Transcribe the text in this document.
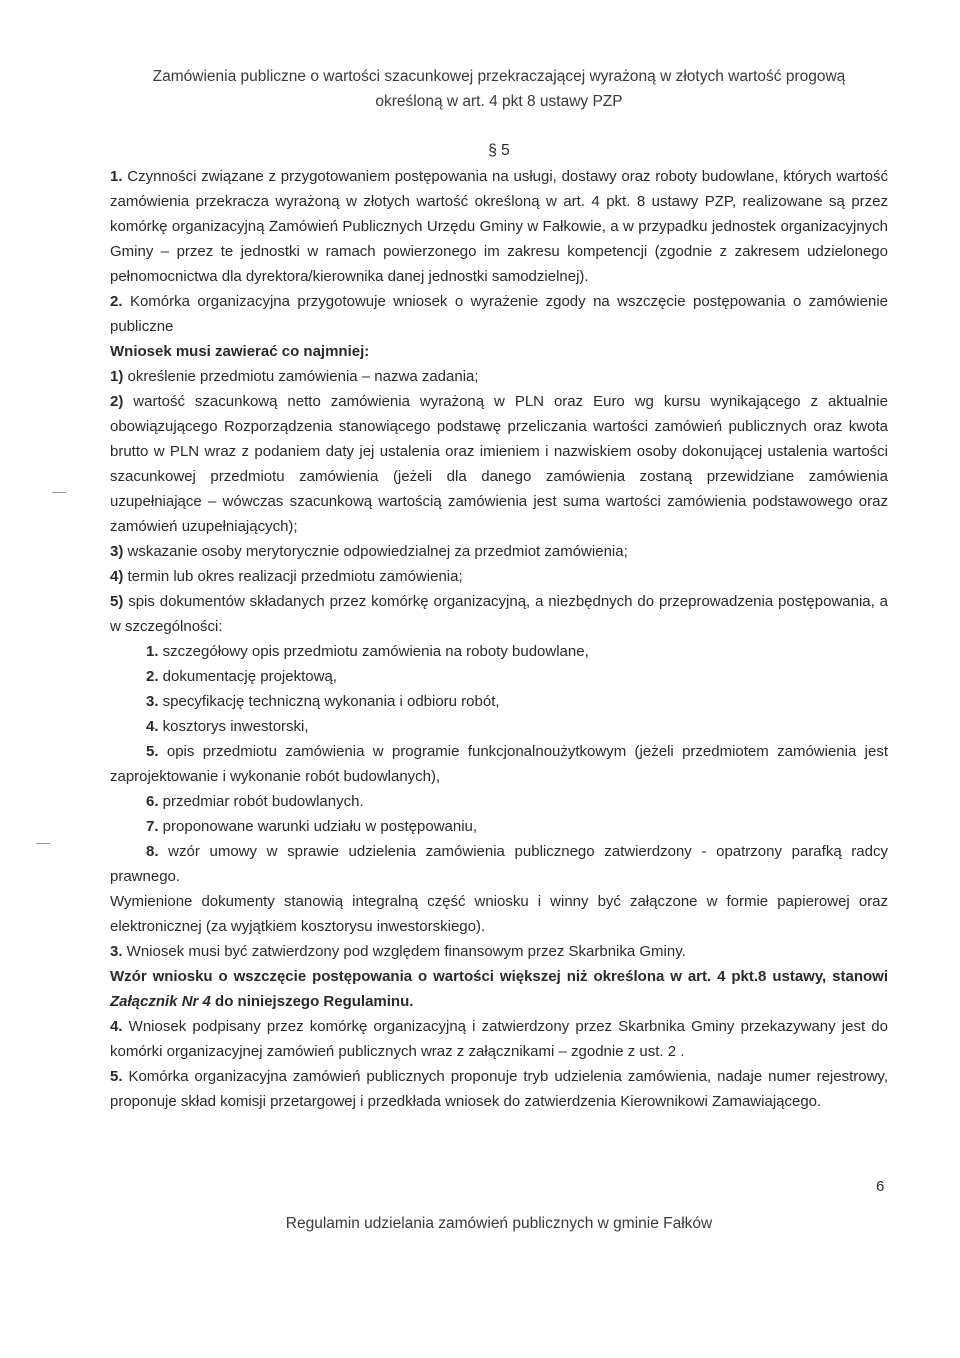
Zamówienia publiczne o wartości szacunkowej przekraczającej wyrażoną w złotych wartość progową
określoną w art. 4 pkt 8 ustawy PZP
§ 5

1. Czynności związane z przygotowaniem postępowania na usługi, dostawy oraz roboty budowlane, których wartość zamówienia przekracza wyrażoną w złotych wartość określoną w art. 4 pkt. 8 ustawy PZP, realizowane są przez komórkę organizacyjną Zamówień Publicznych Urzędu Gminy w Fałkowie, a w przypadku jednostek organizacyjnych Gminy – przez te jednostki w ramach powierzonego im zakresu kompetencji (zgodnie z zakresem udzielonego pełnomocnictwa dla dyrektora/kierownika danej jednostki samodzielnej).

2. Komórka organizacyjna przygotowuje wniosek o wyrażenie zgody na wszczęcie postępowania o zamówienie publiczne

Wniosek musi zawierać co najmniej:

1) określenie przedmiotu zamówienia – nazwa zadania;

2) wartość szacunkową netto zamówienia wyrażoną w PLN oraz Euro wg kursu wynikającego z aktualnie obowiązującego Rozporządzenia stanowiącego podstawę przeliczania wartości zamówień publicznych oraz kwota brutto w PLN wraz z podaniem daty jej ustalenia oraz imieniem i nazwiskiem osoby dokonującej ustalenia wartości szacunkowej przedmiotu zamówienia (jeżeli dla danego zamówienia zostaną przewidziane zamówienia uzupełniające – wówczas szacunkową wartością zamówienia jest suma wartości zamówienia podstawowego oraz zamówień uzupełniających);

3) wskazanie osoby merytorycznie odpowiedzialnej za przedmiot zamówienia;

4) termin lub okres realizacji przedmiotu zamówienia;

5) spis dokumentów składanych przez komórkę organizacyjną, a niezbędnych do przeprowadzenia postępowania, a w szczególności:

1. szczegółowy opis przedmiotu zamówienia na roboty budowlane,

2. dokumentację projektową,

3. specyfikację techniczną wykonania i odbioru robót,

4. kosztorys inwestorski,

5. opis przedmiotu zamówienia w programie funkcjonalnoużytkowym (jeżeli przedmiotem zamówienia jest zaprojektowanie i wykonanie robót budowlanych),

6. przedmiar robót budowlanych.

7. proponowane warunki udziału w postępowaniu,

8. wzór umowy w sprawie udzielenia zamówienia publicznego zatwierdzony - opatrzony parafką radcy prawnego.

Wymienione dokumenty stanowią integralną część wniosku i winny być załączone w formie papierowej oraz elektronicznej (za wyjątkiem kosztorysu inwestorskiego).

3. Wniosek musi być zatwierdzony pod względem finansowym przez Skarbnika Gminy.

Wzór wniosku o wszczęcie postępowania o wartości większej niż określona w art. 4 pkt.8 ustawy, stanowi Załącznik Nr 4 do niniejszego Regulaminu.

4. Wniosek podpisany przez komórkę organizacyjną i zatwierdzony przez Skarbnika Gminy przekazywany jest do komórki organizacyjnej zamówień publicznych wraz z załącznikami – zgodnie z ust. 2 .

5. Komórka organizacyjna zamówień publicznych proponuje tryb udzielenia zamówienia, nadaje numer rejestrowy, proponuje skład komisji przetargowej i przedkłada wniosek do zatwierdzenia Kierownikowi Zamawiającego.

Regulamin udzielania zamówień publicznych w gminie Fałków
6
